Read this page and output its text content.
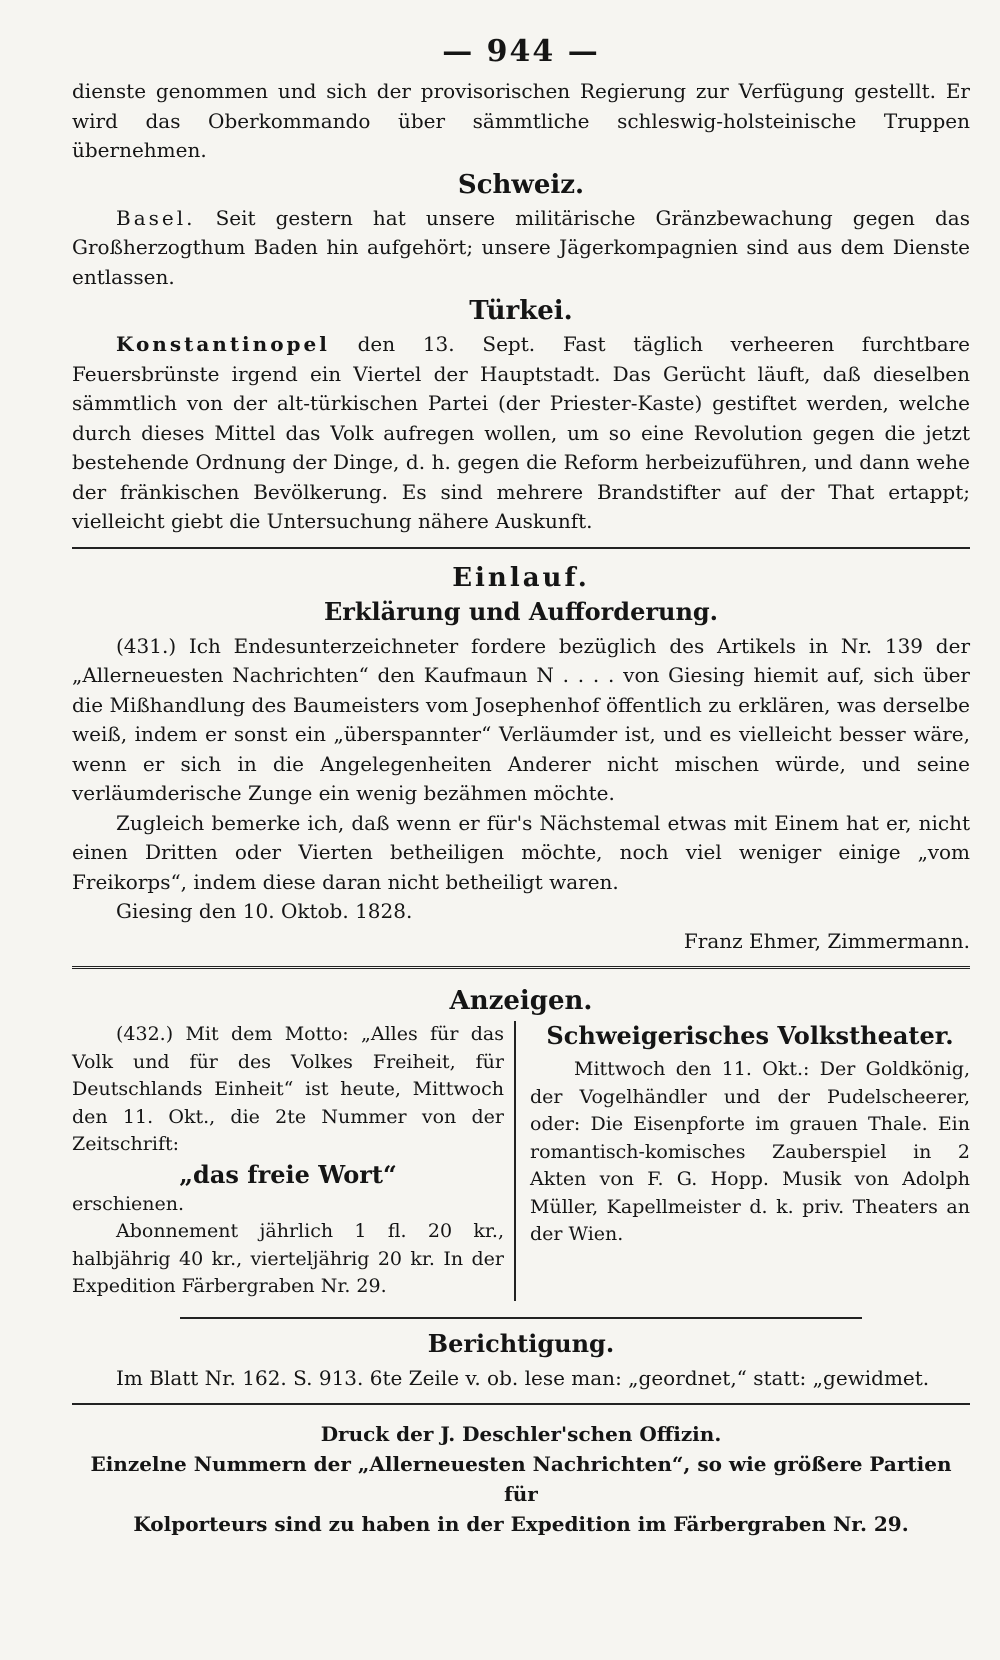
— 944 —

dienste genommen und sich der provisorischen Regierung zur Verfügung gestellt. Er wird das Oberkommando über sämmtliche schleswig-holsteinische Truppen übernehmen.

Schweiz.

Basel. Seit gestern hat unsere militärische Gränzbewachung gegen das Großherzogthum Baden hin aufgehört; unsere Jägerkompagnien sind aus dem Dienste entlassen.

Türkei.

Konstantinopel den 13. Sept. Fast täglich verheeren furchtbare Feuersbrünste irgend ein Viertel der Hauptstadt. Das Gerücht läuft, daß dieselben sämmtlich von der alt-türkischen Partei (der Priester-Kaste) gestiftet werden, welche durch dieses Mittel das Volk aufregen wollen, um so eine Revolution gegen die jetzt bestehende Ordnung der Dinge, d. h. gegen die Reform herbeizuführen, und dann wehe der fränkischen Bevölkerung. Es sind mehrere Brandstifter auf der That ertappt; vielleicht giebt die Untersuchung nähere Auskunft.

Einlauf.
Erklärung und Aufforderung.

(431.) Ich Endesunterzeichneter fordere bezüglich des Artikels in Nr. 139 der „Allerneuesten Nachrichten“ den Kaufmaun N . . . . von Giesing hiemit auf, sich über die Mißhandlung des Baumeisters vom Josephenhof öffentlich zu erklären, was derselbe weiß, indem er sonst ein „überspannter“ Verläumder ist, und es vielleicht besser wäre, wenn er sich in die Angelegenheiten Anderer nicht mischen würde, und seine verläumderische Zunge ein wenig bezähmen möchte.

Zugleich bemerke ich, daß wenn er für's Nächstemal etwas mit Einem hat er, nicht einen Dritten oder Vierten betheiligen möchte, noch viel weniger einige „vom Freikorps“, indem diese daran nicht betheiligt waren.

Giesing den 10. Oktob. 1828.

Franz Ehmer, Zimmermann.

Anzeigen.

(432.) Mit dem Motto: „Alles für das Volk und für des Volkes Freiheit, für Deutschlands Einheit“ ist heute, Mittwoch den 11. Okt., die 2te Nummer von der Zeitschrift:

„das freie Wort“

erschienen.

Abonnement jährlich 1 fl. 20 kr., halbjährig 40 kr., vierteljährig 20 kr. In der Expedition Färbergraben Nr. 29.

Schweigerisches Volkstheater.

Mittwoch den 11. Okt.: Der Goldkönig, der Vogelhändler und der Pudelscheerer, oder: Die Eisenpforte im grauen Thale. Ein romantisch-komisches Zauberspiel in 2 Akten von F. G. Hopp. Musik von Adolph Müller, Kapellmeister d. k. priv. Theaters an der Wien.

Berichtigung.

Im Blatt Nr. 162. S. 913. 6te Zeile v. ob. lese man: „geordnet,“ statt: „gewidmet.

Druck der J. Deschler'schen Offizin.
Einzelne Nummern der „Allerneuesten Nachrichten“, so wie größere Partien für
Kolporteurs sind zu haben in der Expedition im Färbergraben Nr. 29.
